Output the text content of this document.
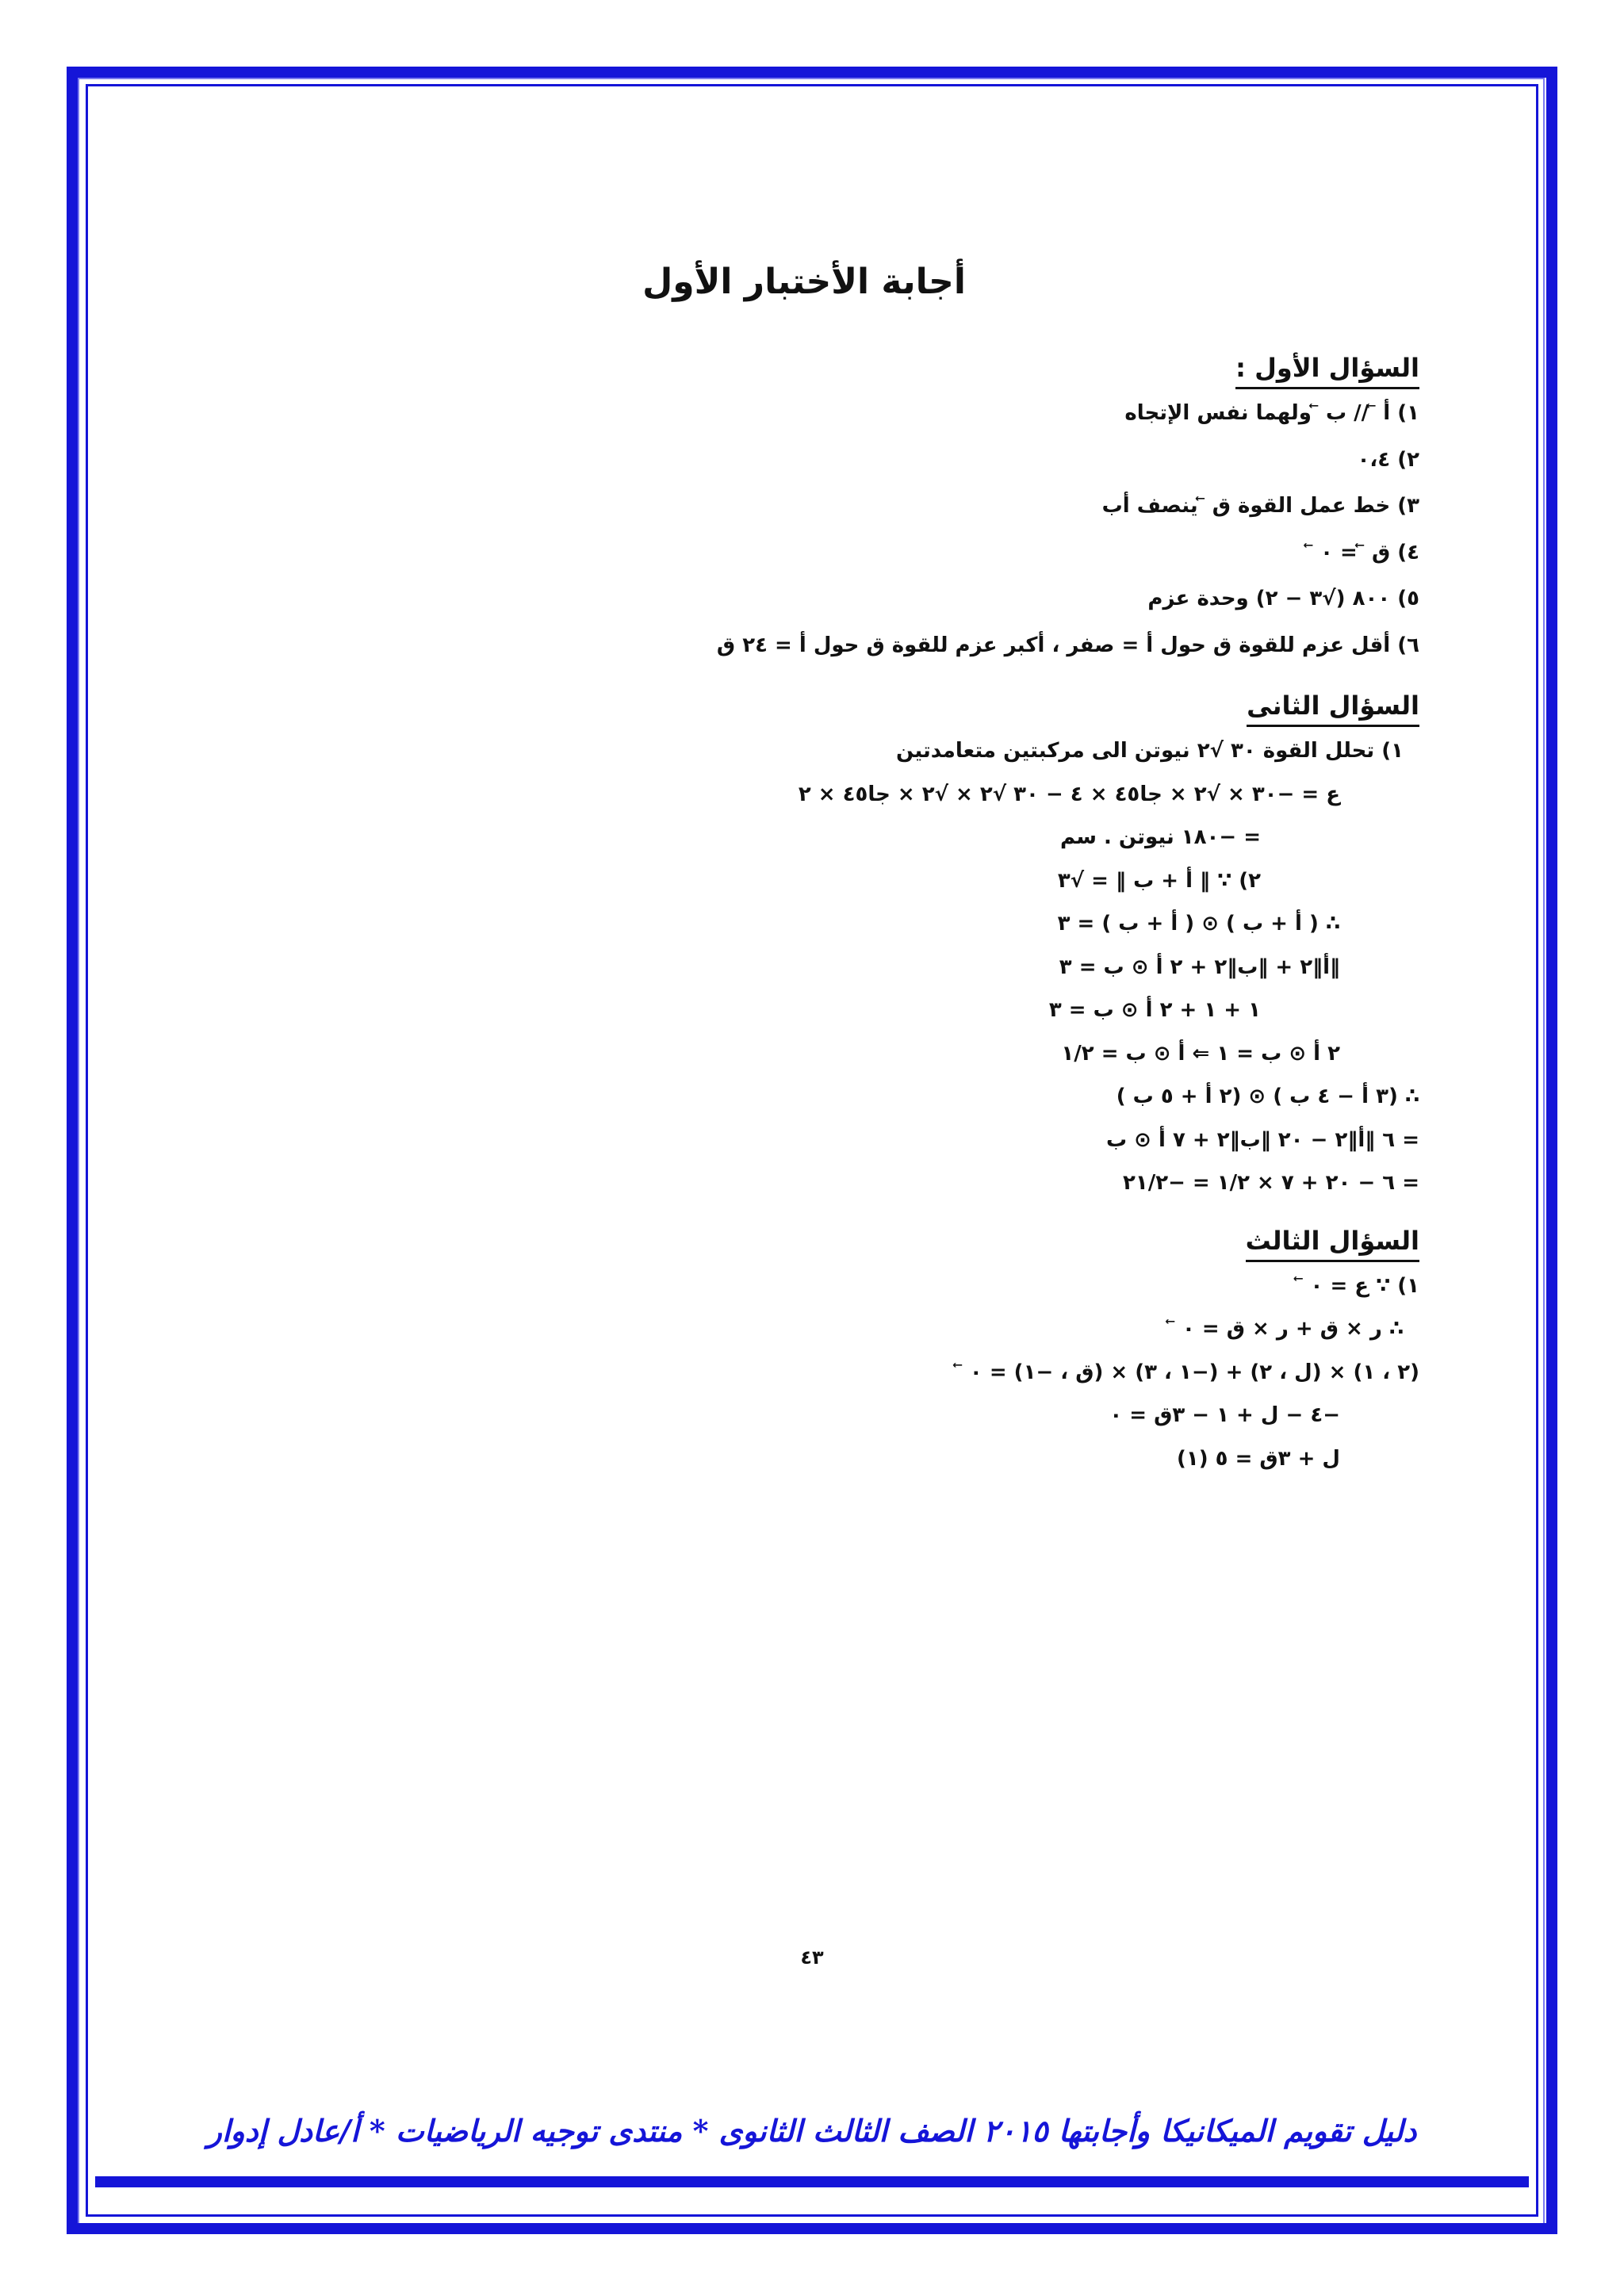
أجابة الأختبار الأول
السؤال الأول :
١) أ ⃖ // ب ⃖ ولهما نفس الإتجاه
٢) ٠،٤
٣) خط عمل القوة ق ⃖ ينصف أب
٤) ق ⃖ = ٠ ⃖
٥) ٨٠٠ (√٣ − ٢) وحدة عزم
٦) أقل عزم للقوة ق حول أ = صفر ، أكبر عزم للقوة ق حول أ = ٢٤ ق
السؤال الثانى
١) تحلل القوة ٣٠ √٢ نيوتن الى مركبتين متعامدتين
ع = −٣٠ × √٢ × جا٤٥ × ٤ − ٣٠ √٢ × √٢ × جا٤٥ × ٢
= −١٨٠ نيوتن . سم
٢) ∵ ‖ أ + ب ‖ = √٣
∴ ( أ + ب ) ⊙ ( أ + ب ) = ٣
‖أ‖٢ + ‖ب‖٢ + ٢ أ ⊙ ب = ٣
١ + ١ + ٢ أ ⊙ ب = ٣
٢ أ ⊙ ب = ١ ⇐ أ ⊙ ب = ١/٢
∴ (٣ أ − ٤ ب ) ⊙ (٢ أ + ٥ ب )
= ٦ ‖أ‖٢ − ٢٠ ‖ب‖٢ + ٧ أ ⊙ ب
= ٦ − ٢٠ + ٧ × ١/٢ = −٢١/٢
السؤال الثالث
١) ∵ ع = ٠ ⃖
∴ ر × ق + ر × ق = ٠ ⃖
(٢ ، ١) × (ل ، ٢) + (−١ ، ٣) × (ق ، −١) = ٠ ⃖
−٤ − ل + ١ − ٣ق = ٠
ل + ٣ق = ٥ (١)
٤٣
دليل تقويم الميكانيكا وأجابتها ٢٠١٥ الصف الثالث الثانوى * منتدى توجيه الرياضيات * أ/عادل إدوار
